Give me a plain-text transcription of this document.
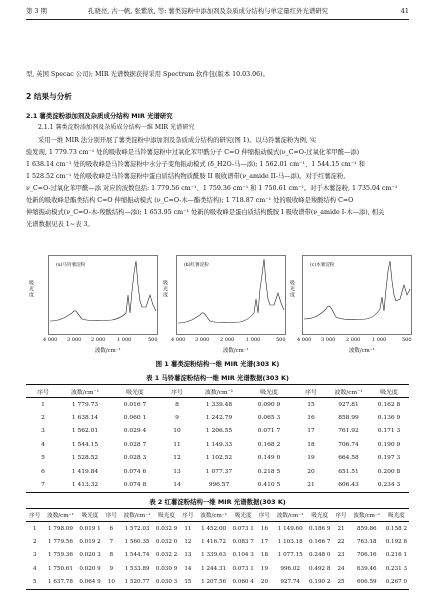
第 3 期	孔晓亮, 古一帆, 张紫欣, 等: 薯类淀粉中添加剂及杂质成分结构与单定量红外光谱研究	41

型, 英国 Specac 公司); MIR 光谱数据获得采用 Spectrum 软件包(版本 10.03.06)。

2 结果与分析

2.1 薯类淀粉添加剂及杂质成分结构 MIR 光谱研究

2.1.1 薯类淀粉添加剂及杂质成分结构一维 MIR 光谱研究

采用一维 MIR 法分别开展了薯类淀粉中添加剂及杂质成分结构的研究(图 1)。以马铃薯淀粉为例, 实

验发现, 1 779.73 cm⁻¹ 处的吸收峰是马铃薯淀粉中过氧化苯甲酰分子 C=O 伸缩振动模式(ν_C=O-过氧化苯甲酰—添)

1 638.14 cm⁻¹ 处的吸收峰是马铃薯淀粉中水分子变角振动模式 (δ_H2O-马—添); 1 562.01 cm⁻¹、1 544.15 cm⁻¹ 和

1 528.52 cm⁻¹ 处的吸收峰是马铃薯淀粉中蛋白质结构物质酰胺 II 吸收谱带(ν_amide II-马—添)。对于红薯淀粉,

ν_C=O-过氧化苯甲酰—添 对应的波数包括: 1 779.56 cm⁻¹、1 759.36 cm⁻¹ 和 1 750.61 cm⁻¹。对于木薯淀粉, 1 735.04 cm⁻¹

处新的吸收峰是酯类结构 C=O 伸缩振动模式 (ν_C=O-木—酯类结构); 1 718.87 cm⁻¹ 处的吸收峰是羧酸结构 C=O

伸缩振动模式(ν_C=O-木-羧酸结构—添); 1 653.95 cm⁻¹ 处新的吸收峰是蛋白质结构酰胺 I 吸收谱带(ν_amide I-木—添), 相关

光谱数据见表 1~表 3。

(a)马铃薯淀粉	(b)红薯淀粉	(c)木薯淀粉
吸光度	吸光度	吸光度
4 000 3 000 2 000 1 000	500	4 000 3 000 2 000 1 000	500 4 000 3 000 2 000 1 000	500
波数/cm⁻¹	波数/cm⁻¹	波数/cm⁻¹
图 1 薯类淀粉结构一维 MIR 光谱(303 K)
表 1 马铃薯淀粉结构一维 MIR 光谱数据(303 K)
序号	波数/cm⁻¹	吸光度	序号	波数/cm⁻¹	吸光度	序号	波数/cm⁻¹	吸光度
1	1 779.73	0.016 7	8	1 339.48	0.090 9	15	927.81	0.162 8
2	1 638.14	0.060 1	9	1 242.79	0.065 3	16	858.99	0.136 9
3	1 562.01	0.029 4	10	1 206.55	0.071 7	17	761.92	0.171 3
4	1 544.15	0.028 7	11	1 149.33	0.168 2	18	706.74	0.190 9
5	1 528.52	0.028 3	12	1 102.52	0.149 0	19	664.58	0.197 3
6	1 419.84	0.074 6	13	1 077.37	0.218 5	20	651.51	0.200 8
7	1 413.32	0.074 8	14	996.57	0.410 5	21	606.43	0.234 3
表 2 红薯淀粉结构一维 MIR 光谱数据(303 K)
序号	波数/cm⁻¹	吸光度	序号	波数/cm⁻¹	吸光度	序号	波数/cm⁻¹	吸光度	序号	波数/cm⁻¹	吸光度	序号	波数/cm⁻¹	吸光度
1	1 798.09	0.019 1	6	1 572.03	0.032 9	11	1 452.00	0.073 1	16	1 149.60	0.186 9	21	859.86	0.158 2
2	1 779.56	0.019 2	7	1 560.35	0.032 0	12	1 416.72	0.083 7	17	1 103.18	0.166 7	22	763.18	0.192 8
3	1 759.36	0.020 3	8	1 544.74	0.032 2	13	1 339.63	0.104 3	18	1 077.15	0.248 0	23	706.16	0.216 1
4	1 750.61	0.020 9	9	1 533.89	0.030 9	14	1 244.31	0.073 1	19	996.02	0.492 8	24	639.46	0.231 3
5	1 637.78	0.064 9	10	1 520.77	0.030 3	15	1 207.56	0.060 4	20	927.74	0.190 2	25	606.59	0.267 0
